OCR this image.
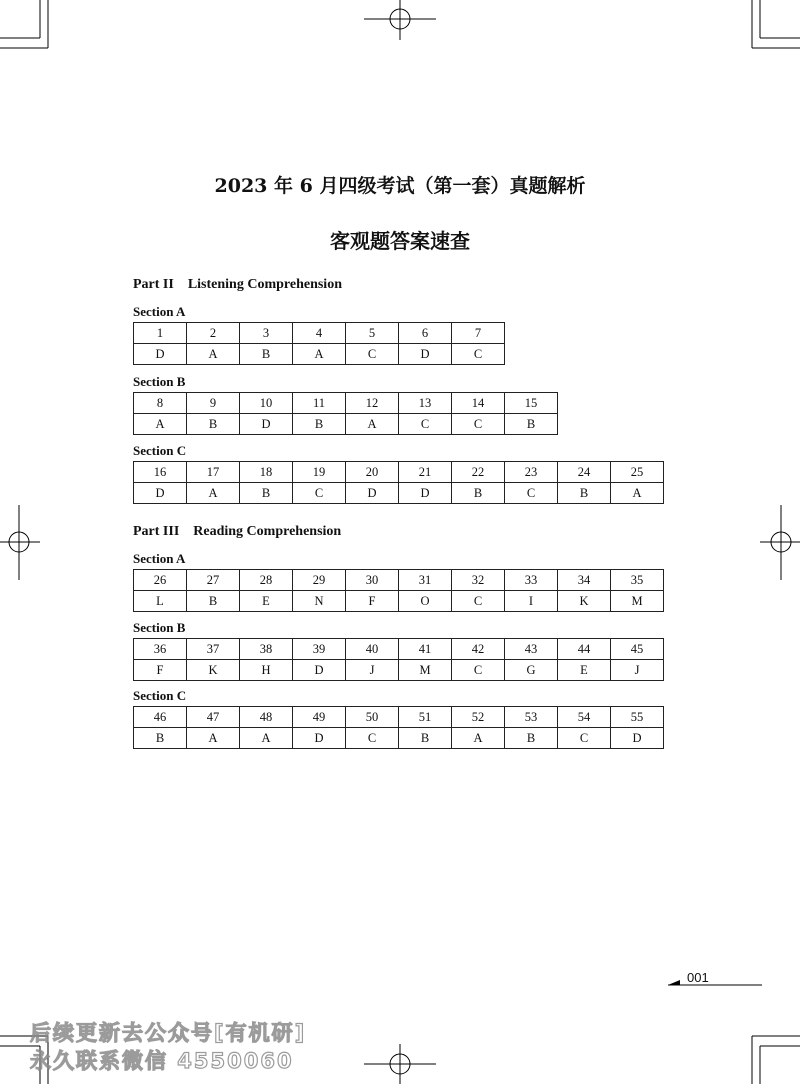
2023 年 6 月四级考试（第一套）真题解析
客观题答案速查
Part II    Listening Comprehension
Section A
1	2	3	4	5	6	7
D	A	B	A	C	D	C
Section B
8	9	10	11	12	13	14	15
A	B	D	B	A	C	C	B
Section C
16	17	18	19	20	21	22	23	24	25
D	A	B	C	D	D	B	C	B	A
Part III    Reading Comprehension
Section A
26	27	28	29	30	31	32	33	34	35
L	B	E	N	F	O	C	I	K	M
Section B
36	37	38	39	40	41	42	43	44	45
F	K	H	D	J	M	C	G	E	J
Section C
46	47	48	49	50	51	52	53	54	55
B	A	A	D	C	B	A	B	C	D
001
后续更新去公众号[有机研]
永久联系微信 4550060
